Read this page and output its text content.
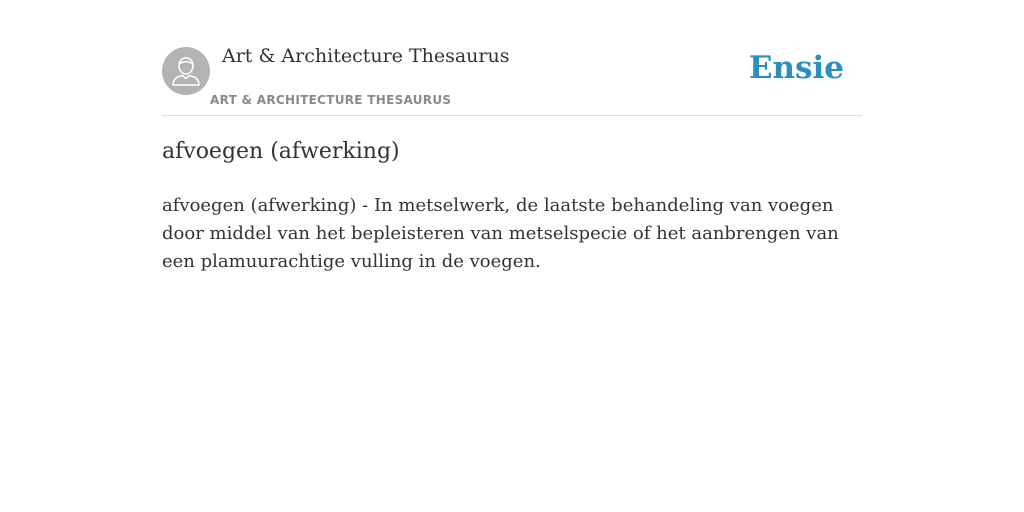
Art & Architecture Thesaurus
ART & ARCHITECTURE THESAURUS
Ensie
afvoegen (afwerking)

afvoegen (afwerking) - In metselwerk, de laatste behandeling van voegen door middel van het bepleisteren van metselspecie of het aanbrengen van een plamuurachtige vulling in de voegen.
